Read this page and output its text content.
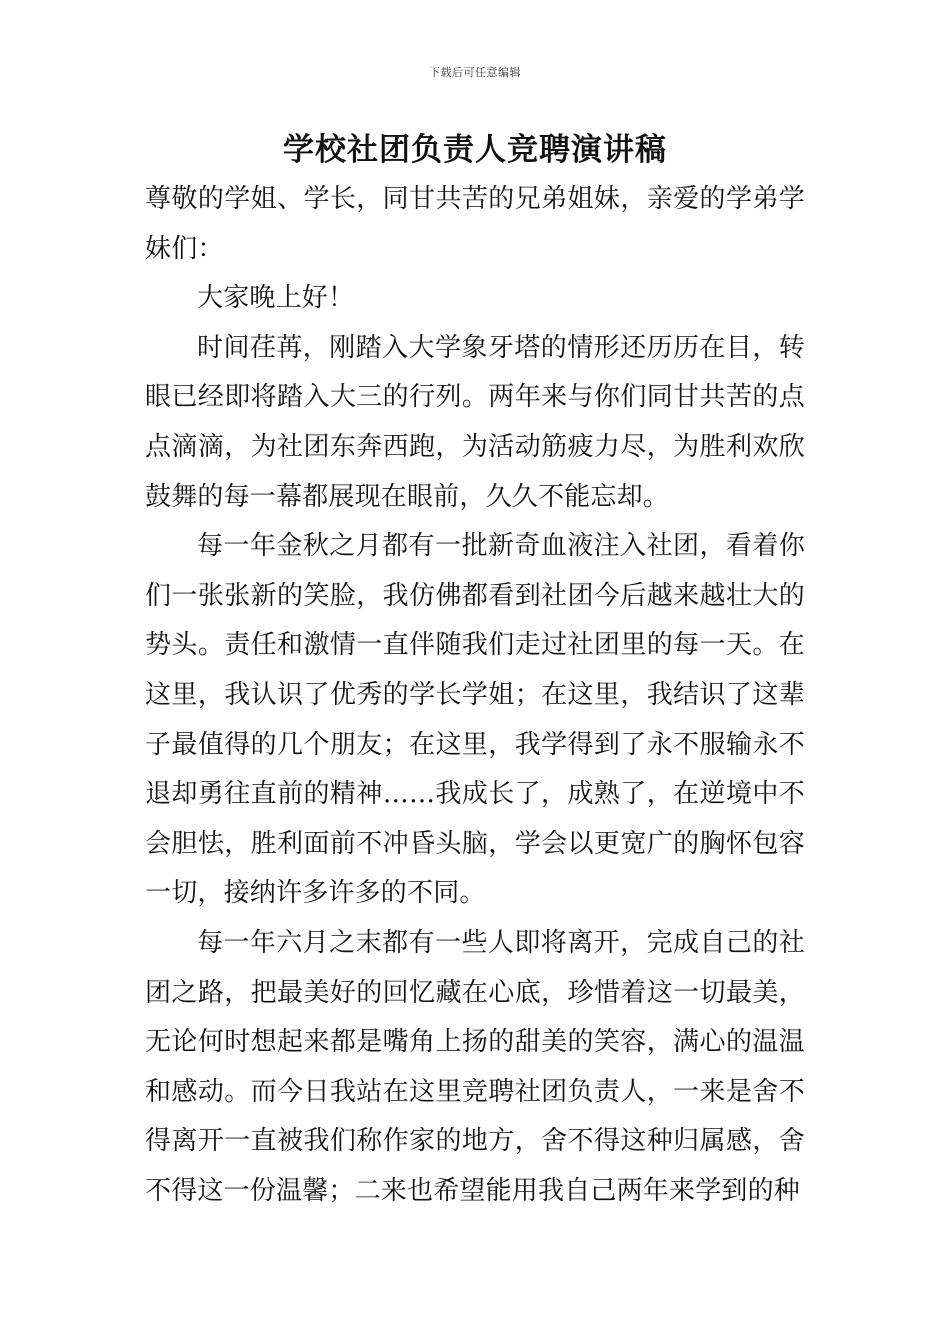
下载后可任意编辑
学校社团负责人竞聘演讲稿

尊敬的学姐、学长，同甘共苦的兄弟姐妹，亲爱的学弟学妹们：

大家晚上好！

时间荏苒，刚踏入大学象牙塔的情形还历历在目，转眼已经即将踏入大三的行列。两年来与你们同甘共苦的点点滴滴，为社团东奔西跑，为活动筋疲力尽，为胜利欢欣鼓舞的每一幕都展现在眼前，久久不能忘却。

每一年金秋之月都有一批新奇血液注入社团，看着你们一张张新的笑脸，我仿佛都看到社团今后越来越壮大的势头。责任和激情一直伴随我们走过社团里的每一天。在这里，我认识了优秀的学长学姐；在这里，我结识了这辈子最值得的几个朋友；在这里，我学得到了永不服输永不退却勇往直前的精神……我成长了，成熟了，在逆境中不会胆怯，胜利面前不冲昏头脑，学会以更宽广的胸怀包容一切，接纳许多许多的不同。

每一年六月之末都有一些人即将离开，完成自己的社团之路，把最美好的回忆藏在心底，珍惜着这一切最美，无论何时想起来都是嘴角上扬的甜美的笑容，满心的温温和感动。而今日我站在这里竞聘社团负责人，一来是舍不得离开一直被我们称作家的地方，舍不得这种归属感，舍不得这一份温馨；二来也希望能用我自己两年来学到的种
